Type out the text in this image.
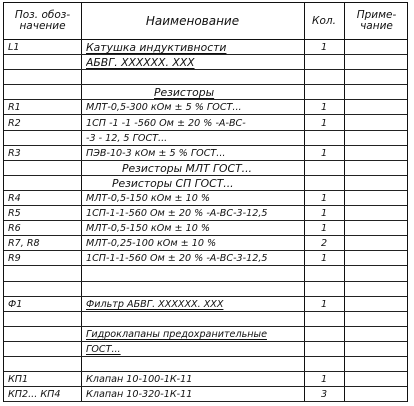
Поз. обоз-
начение	Наименование	Кол.	Приме-
чание
L1	Катушка индуктивности	1
АБВГ. XXXXXX. XXX
Резисторы
R1	МЛТ-0,5-300 кОм ± 5 % ГОСТ...	1
R2	1СП -1 -1 -560 Ом ± 20 % -А-ВС-	1
-3 - 12, 5 ГОСТ...
R3	ПЭВ-10-3 кОм ± 5 % ГОСТ...	1
Резисторы МЛТ ГОСТ...
Резисторы СП ГОСТ...
R4	МЛТ-0,5-150 кОм ± 10 %	1
R5	1СП-1-1-560 Ом ± 20 % -А-ВС-3-12,5	1
R6	МЛТ-0,5-150 кОм ± 10 %	1
R7, R8	МЛТ-0,25-100 кОм ± 10 %	2
R9	1СП-1-1-560 Ом ± 20 % -А-ВС-3-12,5	1
Ф1	Фильтр АБВГ. XXXXXX. XXX	1
Гидроклапаны предохранительные
ГОСТ...
КП1	Клапан 10-100-1К-11	1
КП2... КП4	Клапан 10-320-1К-11	3
